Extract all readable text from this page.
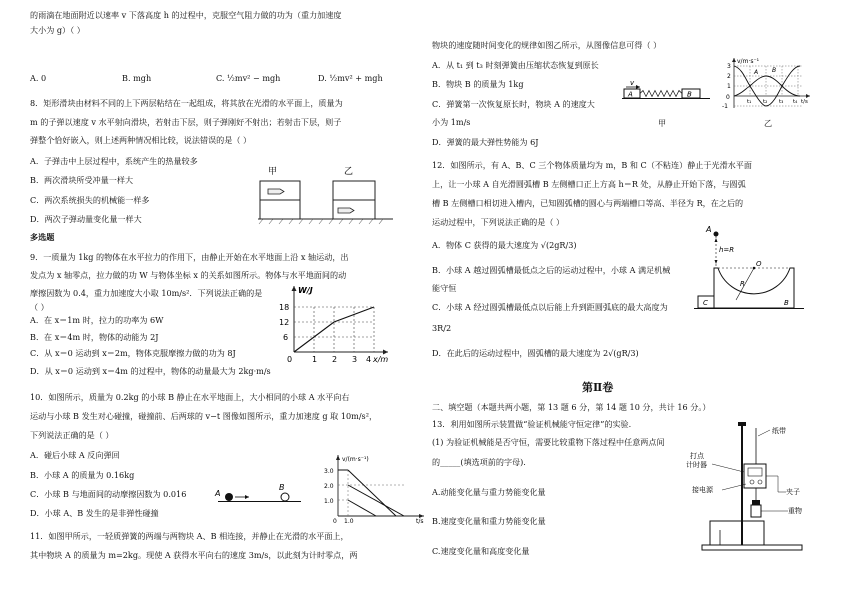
的雨滴在地面附近以速率 v 下落高度 h 的过程中，克服空气阻力做的功为（重力加速度
大小为 g）（ ）
A. 0	B. mgh	C. ½mv² − mgh	D. ½mv² + mgh
8．矩形滑块由材料不同的上下两层粘结在一起组成，将其放在光滑的水平面上，质量为
m 的子弹以速度 v 水平射向滑块，若射击下层，则子弹刚好不射出；若射击下层，则子
弹整个恰好嵌入，则上述两种情况相比较，说法错误的是（ ）
A．子弹击中上层过程中，系统产生的热量较多
B．两次滑块所受冲量一样大
C．两次系统损失的机械能一样多
D．两次子弹动量变化量一样大
甲	乙
多选题
9．一质量为 1kg 的物体在水平拉力的作用下，由静止开始在水平地面上沿 x 轴运动，出
发点为 x 轴零点，拉力做的功 W 与物体坐标 x 的关系如图所示。物体与水平地面间的动
摩擦因数为 0.4，重力加速度大小取 10m/s²．下列说法正确的是
（ ）
A．在 x＝1m 时，拉力的功率为 6W
B．在 x＝4m 时，物体的动能为 2J
C．从 x＝0 运动到 x＝2m，物体克服摩擦力做的功为 8J
D．从 x＝0 运动到 x＝4m 的过程中，物体的动量最大为 2kg·m/s
W/J
x/m
18
12
6
0 1 2 3 4
10．如图所示，质量为 0.2kg 的小球 B 静止在水平地面上，大小相同的小球 A 水平向右
运动与小球 B 发生对心碰撞，碰撞前、后两球的 v−t 图像如图所示，重力加速度 g 取 10m/s²，
下列说法正确的是（ ）
A．碰后小球 A 反向弹回
B．小球 A 的质量为 0.16kg
C．小球 B 与地面间的动摩擦因数为 0.016
D．小球 A、B 发生的是非弹性碰撞
A
B
v/(m·s⁻¹)
t/s
3.0
2.0
1.0
0 1.0
11．如图甲所示，一轻质弹簧的两端与两物块 A、B 相连接，并静止在光滑的水平面上，
其中物块 A 的质量为 m=2kg。现使 A 获得水平向右的速度 3m/s，以此刻为计时零点，两
物块的速度随时间变化的规律如图乙所示，从图像信息可得（ ）
A．从 t₁ 到 t₃ 时刻弹簧由压缩状态恢复到原长
B．物块 B 的质量为 1kg
C．弹簧第一次恢复原长时，物块 A 的速度大
小为 1m/s
D．弹簧的最大弹性势能为 6J
v
A	B
甲
v/m·s⁻¹
3
2
1
0
-1
A B
t₁ t₂ t₃ t₄ t/s
乙
12．如图所示，有 A、B、C 三个物体质量均为 m，B 和 C（不粘连）静止于光滑水平面
上，让一小球 A 自光滑圆弧槽 B 左侧槽口正上方高 h＝R 处，从静止开始下落，与圆弧
槽 B 左侧槽口相切进入槽内，已知圆弧槽的圆心与两端槽口等高、半径为 R，在之后的
运动过程中，下列说法正确的是（ ）
A．物体 C 获得的最大速度为 √(2gR/3)
B．小球 A 越过圆弧槽最低点之后的运动过程中，小球 A 满足机械
能守恒
C．小球 A 经过圆弧槽最低点以后能上升到距圆弧底的最大高度为
3R/2
D．在此后的运动过程中，圆弧槽的最大速度为 2√(gR/3)
A
h=R
O
R
B
C
第Ⅱ卷
二、填空题（本题共两小题，第 13 题 6 分，第 14 题 10 分，共计 16 分。）
13．利用如图所示装置做“验证机械能守恒定律”的实验.
(1) 为验证机械能是否守恒，需要比较重物下落过程中任意两点间
的_____(填选项前的字母).
A.动能变化量与重力势能变化量
B.速度变化量和重力势能变化量
C.速度变化量和高度变化量
纸带
打点
计时器
接电源	夹子
重物
